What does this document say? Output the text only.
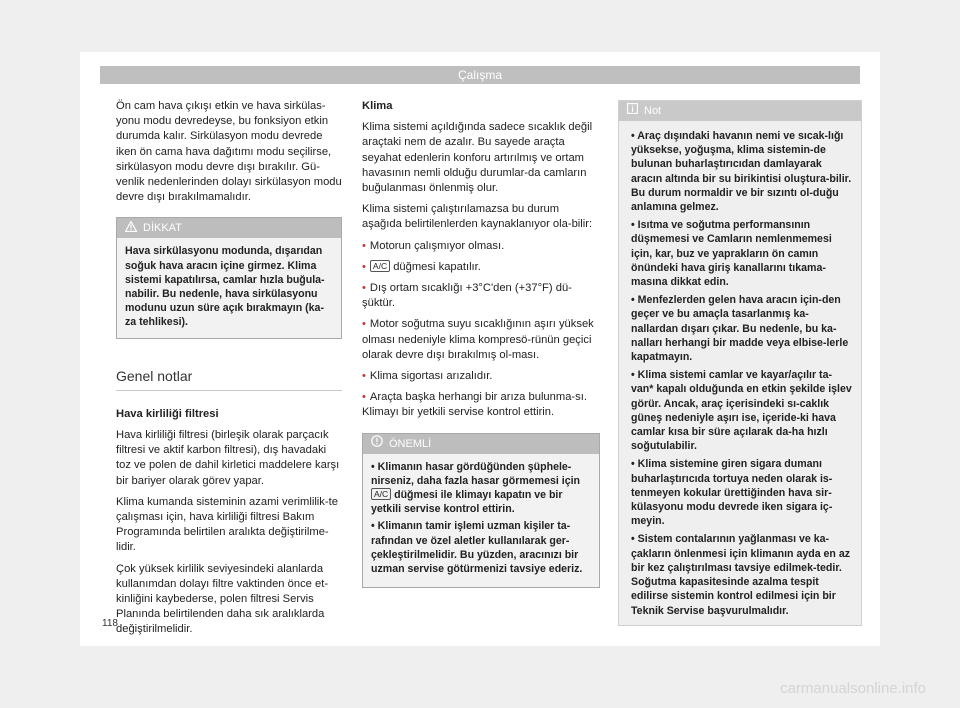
Çalışma

Ön cam hava çıkışı etkin ve hava sirkülas-yonu modu devredeyse, bu fonksiyon etkin durumda kalır. Sirkülasyon modu devrede iken ön cama hava dağıtımı modu seçilirse, sirkülasyon modu devre dışı bırakılır. Gü-venlik nedenlerinden dolayı sirkülasyon modu devre dışı bırakılmamalıdır.

DİKKAT
Hava sirkülasyonu modunda, dışarıdan soğuk hava aracın içine girmez. Klima sistemi kapatılırsa, camlar hızla buğula-nabilir. Bu nedenle, hava sirkülasyonu modunu uzun süre açık bırakmayın (ka-za tehlikesi).
Genel notlar

Hava kirliliği filtresi

Hava kirliliği filtresi (birleşik olarak parçacık filtresi ve aktif karbon filtresi), dış havadaki toz ve polen de dahil kirletici maddelere karşı bir bariyer olarak görev yapar.

Klima kumanda sisteminin azami verimlilik-te çalışması için, hava kirliliği filtresi Bakım Programında belirtilen aralıkta değiştirilme-lidir.

Çok yüksek kirlilik seviyesindeki alanlarda kullanımdan dolayı filtre vaktinden önce et-kinliğini kaybederse, polen filtresi Servis Planında belirtilenden daha sık aralıklarda değiştirilmelidir.

Klima

Klima sistemi açıldığında sadece sıcaklık değil araçtaki nem de azalır. Bu sayede araçta seyahat edenlerin konforu artırılmış ve ortam havasının nemli olduğu durumlar-da camların buğulanması önlenmiş olur.

Klima sistemi çalıştırılamazsa bu durum aşağıda belirtilenlerden kaynaklanıyor ola-bilir:

• Motorun çalışmıyor olması.

• A/C düğmesi kapatılır.

• Dış ortam sıcaklığı +3°C'den (+37°F) dü-şüktür.

• Motor soğutma suyu sıcaklığının aşırı yüksek olması nedeniyle klima kompresö-rünün geçici olarak devre dışı bırakılmış ol-ması.

• Klima sigortası arızalıdır.

• Araçta başka herhangi bir arıza bulunma-sı. Klimayı bir yetkili servise kontrol ettirin.

ÖNEMLİ

• Klimanın hasar gördüğünden şüphele-nirseniz, daha fazla hasar görmemesi için A/C düğmesi ile klimayı kapatın ve bir yetkili servise kontrol ettirin.

• Klimanın tamir işlemi uzman kişiler ta-rafından ve özel aletler kullanılarak ger-çekleştirilmelidir. Bu yüzden, aracınızı bir uzman servise götürmenizi tavsiye ederiz.

Not

• Araç dışındaki havanın nemi ve sıcak-lığı yüksekse, yoğuşma, klima sistemin-de bulunan buharlaştırıcıdan damlayarak aracın altında bir su birikintisi oluştura-bilir. Bu durum normaldir ve bir sızıntı ol-duğu anlamına gelmez.

• Isıtma ve soğutma performansının düşmemesi ve Camların nemlenmemesi için, kar, buz ve yaprakların ön camın önündeki hava giriş kanallarını tıkama-masına dikkat edin.

• Menfezlerden gelen hava aracın için-den geçer ve bu amaçla tasarlanmış ka-nallardan dışarı çıkar. Bu nedenle, bu ka-nalları herhangi bir madde veya elbise-lerle kapatmayın.

• Klima sistemi camlar ve kayar/açılır ta-van* kapalı olduğunda en etkin şekilde işlev görür. Ancak, araç içerisindeki sı-caklık güneş nedeniyle aşırı ise, içeride-ki hava camlar kısa bir süre açılarak da-ha hızlı soğutulabilir.

• Klima sistemine giren sigara dumanı buharlaştırıcıda tortuya neden olarak is-tenmeyen kokular ürettiğinden hava sir-külasyonu modu devrede iken sigara iç-meyin.

• Sistem contalarının yağlanması ve ka-çakların önlenmesi için klimanın ayda en az bir kez çalıştırılması tavsiye edilmek-tedir. Soğutma kapasitesinde azalma tespit edilirse sistemin kontrol edilmesi için bir Teknik Servise başvurulmalıdır.

118
carmanualsonline.info
